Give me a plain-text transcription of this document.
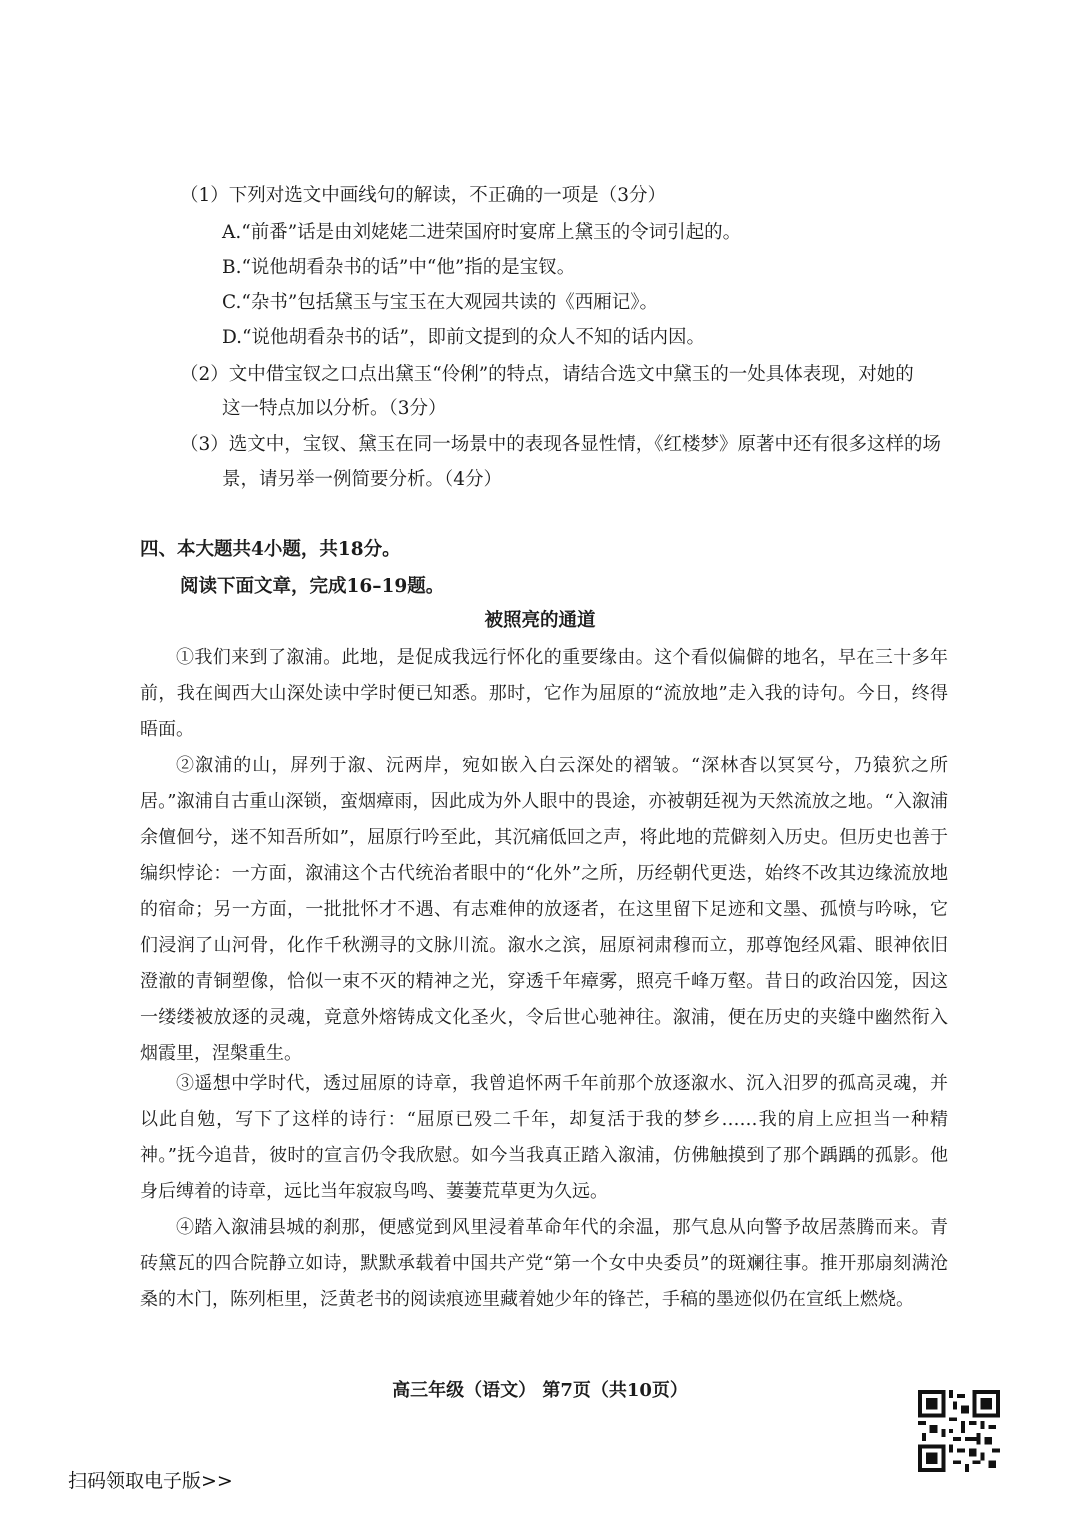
（1）下列对选文中画线句的解读，不正确的一项是（3分）
A.“前番”话是由刘姥姥二进荣国府时宴席上黛玉的令词引起的。
B.“说他胡看杂书的话”中“他”指的是宝钗。
C.“杂书”包括黛玉与宝玉在大观园共读的《西厢记》。
D.“说他胡看杂书的话”，即前文提到的众人不知的话内因。
（2）文中借宝钗之口点出黛玉“伶俐”的特点，请结合选文中黛玉的一处具体表现，对她的
这一特点加以分析。（3分）
（3）选文中，宝钗、黛玉在同一场景中的表现各显性情，《红楼梦》原著中还有很多这样的场
景，请另举一例简要分析。（4分）
四、本大题共4小题，共18分。
阅读下面文章，完成16–19题。
被照亮的通道
①我们来到了溆浦。此地，是促成我远行怀化的重要缘由。这个看似偏僻的地名，早在三十多年前，我在闽西大山深处读中学时便已知悉。那时，它作为屈原的“流放地”走入我的诗句。今日，终得晤面。
②溆浦的山，屏列于溆、沅两岸，宛如嵌入白云深处的褶皱。“深林杳以冥冥兮，乃猿狖之所居。”溆浦自古重山深锁，蛮烟瘴雨，因此成为外人眼中的畏途，亦被朝廷视为天然流放之地。“入溆浦余儃佪兮，迷不知吾所如”，屈原行吟至此，其沉痛低回之声，将此地的荒僻刻入历史。但历史也善于编织悖论：一方面，溆浦这个古代统治者眼中的“化外”之所，历经朝代更迭，始终不改其边缘流放地的宿命；另一方面，一批批怀才不遇、有志难伸的放逐者，在这里留下足迹和文墨、孤愤与吟咏，它们浸润了山河骨，化作千秋溯寻的文脉川流。溆水之滨，屈原祠肃穆而立，那尊饱经风霜、眼神依旧澄澈的青铜塑像，恰似一束不灭的精神之光，穿透千年瘴雾，照亮千峰万壑。昔日的政治囚笼，因这一缕缕被放逐的灵魂，竟意外熔铸成文化圣火，令后世心驰神往。溆浦，便在历史的夹缝中幽然衔入烟霞里，涅槃重生。
③遥想中学时代，透过屈原的诗章，我曾追怀两千年前那个放逐溆水、沉入汨罗的孤高灵魂，并以此自勉，写下了这样的诗行：“屈原已殁二千年，却复活于我的梦乡……我的肩上应担当一种精神。”抚今追昔，彼时的宣言仍令我欣慰。如今当我真正踏入溆浦，仿佛触摸到了那个踽踽的孤影。他身后缚着的诗章，远比当年寂寂鸟鸣、萋萋荒草更为久远。
④踏入溆浦县城的刹那，便感觉到风里浸着革命年代的余温，那气息从向警予故居蒸腾而来。青砖黛瓦的四合院静立如诗，默默承载着中国共产党“第一个女中央委员”的斑斓往事。推开那扇刻满沧桑的木门，陈列柜里，泛黄老书的阅读痕迹里藏着她少年的锋芒，手稿的墨迹似仍在宣纸上燃烧。
高三年级（语文） 第7页（共10页）
扫码领取电子版>>
